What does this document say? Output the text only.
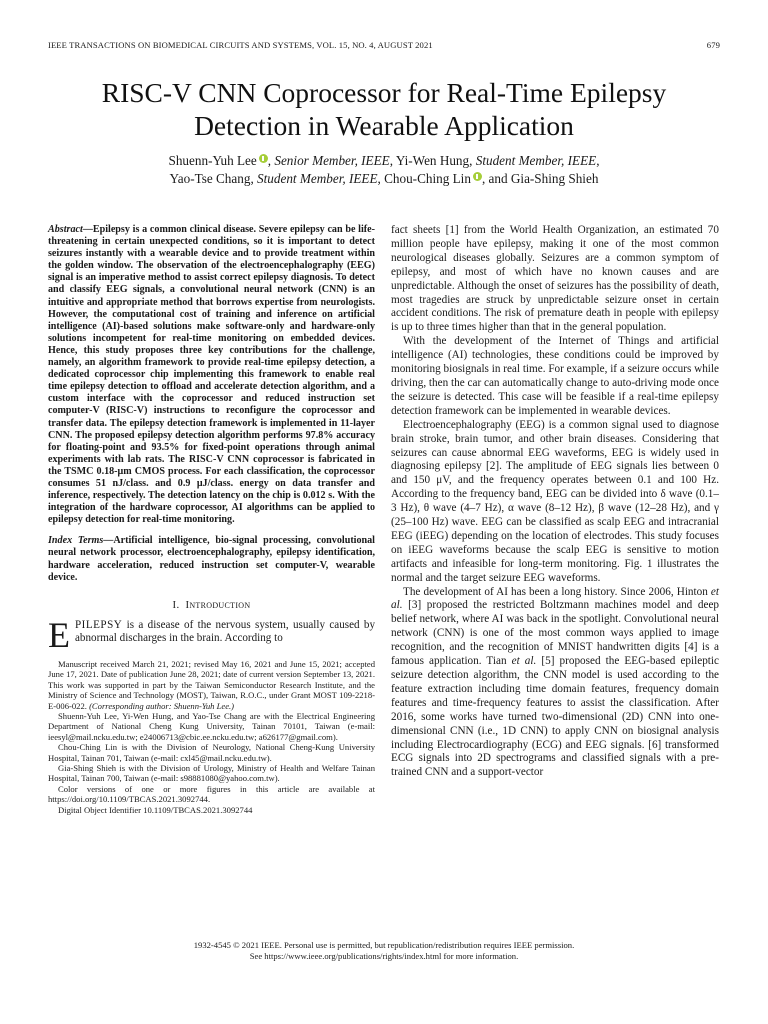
IEEE TRANSACTIONS ON BIOMEDICAL CIRCUITS AND SYSTEMS, VOL. 15, NO. 4, AUGUST 2021	679
RISC-V CNN Coprocessor for Real-Time Epilepsy
Detection in Wearable Application
Shuenn-Yuh Lee , Senior Member, IEEE, Yi-Wen Hung, Student Member, IEEE,
Yao-Tse Chang, Student Member, IEEE, Chou-Ching Lin , and Gia-Shing Shieh

Abstract—Epilepsy is a common clinical disease. Severe epilepsy can be life-threatening in certain unexpected conditions, so it is important to detect seizures instantly with a wearable device and to provide treatment within the golden window. The observation of the electroencephalography (EEG) signal is an imperative method to assist correct epilepsy diagnosis. To detect and classify EEG signals, a convolutional neural network (CNN) is an intuitive and appropriate method that borrows expertise from neurologists. However, the computational cost of training and inference on artificial intelligence (AI)-based solutions make software-only and hardware-only solutions incompetent for real-time monitoring on embedded devices. Hence, this study proposes three key contributions for the challenge, namely, an algorithm framework to provide real-time epilepsy detection, a dedicated coprocessor chip implementing this framework to enable real time epilepsy detection to offload and accelerate detection algorithm, and a custom interface with the coprocessor and reduced instruction set computer-V (RISC-V) instructions to reconfigure the coprocessor and transfer data. The epilepsy detection framework is implemented in 11-layer CNN. The proposed epilepsy detection algorithm performs 97.8% accuracy for floating-point and 93.5% for fixed-point operations through animal experiments with lab rats. The RISC-V CNN coprocessor is fabricated in the TSMC 0.18-μm CMOS process. For each classification, the coprocessor consumes 51 nJ/class. and 0.9 μJ/class. energy on data transfer and inference, respectively. The detection latency on the chip is 0.012 s. With the integration of the hardware coprocessor, AI algorithms can be applied to epilepsy detection for real-time monitoring.

Index Terms—Artificial intelligence, bio-signal processing, convolutional neural network processor, electroencephalography, epilepsy identification, hardware acceleration, reduced instruction set computer-V, wearable device.

I. Introduction

EPILEPSY is a disease of the nervous system, usually caused by abnormal discharges in the brain. According to

Manuscript received March 21, 2021; revised May 16, 2021 and June 15, 2021; accepted June 17, 2021. Date of publication June 28, 2021; date of current version September 13, 2021. This work was supported in part by the Taiwan Semiconductor Research Institute, and the Ministry of Science and Technology (MOST), Taiwan, R.O.C., under Grant MOST 109-2218-E-006-022. (Corresponding author: Shuenn-Yuh Lee.)

Shuenn-Yuh Lee, Yi-Wen Hung, and Yao-Tse Chang are with the Electrical Engineering Department of National Cheng Kung University, Tainan 70101, Taiwan (e-mail: ieesyl@mail.ncku.edu.tw; e24006713@cbic.ee.ncku.edu.tw; a626177@gmail.com).

Chou-Ching Lin is with the Division of Neurology, National Cheng-Kung University Hospital, Tainan 701, Taiwan (e-mail: cxl45@mail.ncku.edu.tw).

Gia-Shing Shieh is with the Division of Urology, Ministry of Health and Welfare Tainan Hospital, Tainan 700, Taiwan (e-mail: s98881080@yahoo.com.tw).

Color versions of one or more figures in this article are available at https://doi.org/10.1109/TBCAS.2021.3092744.

Digital Object Identifier 10.1109/TBCAS.2021.3092744

fact sheets [1] from the World Health Organization, an estimated 70 million people have epilepsy, making it one of the most common neurological diseases globally. Seizures are a common symptom of epilepsy, and most of which have no known causes and are unpredictable. Although the onset of seizures has the possibility of death, most tragedies are struck by unpredictable seizure onset in certain accident conditions. The risk of premature death in people with epilepsy is up to three times higher than that in the general population.

With the development of the Internet of Things and artificial intelligence (AI) technologies, these conditions could be improved by monitoring biosignals in real time. For example, if a seizure occurs while driving, then the car can automatically change to auto-driving mode once the seizure is detected. This case will be feasible if a real-time epilepsy detection framework can be implemented in wearable devices.

Electroencephalography (EEG) is a common signal used to diagnose brain stroke, brain tumor, and other brain diseases. Considering that seizures can cause abnormal EEG waveforms, EEG is widely used in diagnosing epilepsy [2]. The amplitude of EEG signals lies between 0 and 150 μV, and the frequency operates between 0.1 and 100 Hz. According to the frequency band, EEG can be divided into δ wave (0.1–3 Hz), θ wave (4–7 Hz), α wave (8–12 Hz), β wave (12–28 Hz), and γ (25–100 Hz) wave. EEG can be classified as scalp EEG and intracranial EEG (iEEG) depending on the location of electrodes. This study focuses on iEEG waveforms because the scalp EEG is sensitive to motion artifacts and infeasible for long-term monitoring. Fig. 1 illustrates the normal and the target seizure EEG waveforms.

The development of AI has been a long history. Since 2006, Hinton et al. [3] proposed the restricted Boltzmann machines model and deep belief network, where AI was back in the spotlight. Convolutional neural network (CNN) is one of the most common ways applied to image recognition, and the recognition of MNIST handwritten digits [4] is a famous application. Tian et al. [5] proposed the EEG-based epileptic seizure detection algorithm, the CNN model is used according to the feature extraction including time domain features, frequency domain features and time-frequency features to assist the classification. After 2016, some works have turned two-dimensional (2D) CNN into one-dimensional CNN (i.e., 1D CNN) to apply CNN on biosignal analysis including Electrocardiography (ECG) and EEG signals. [6] transformed ECG signals into 2D spectrograms and classified signals with a pre-trained CNN and a support-vector

1932-4545 © 2021 IEEE. Personal use is permitted, but republication/redistribution requires IEEE permission.
See https://www.ieee.org/publications/rights/index.html for more information.
